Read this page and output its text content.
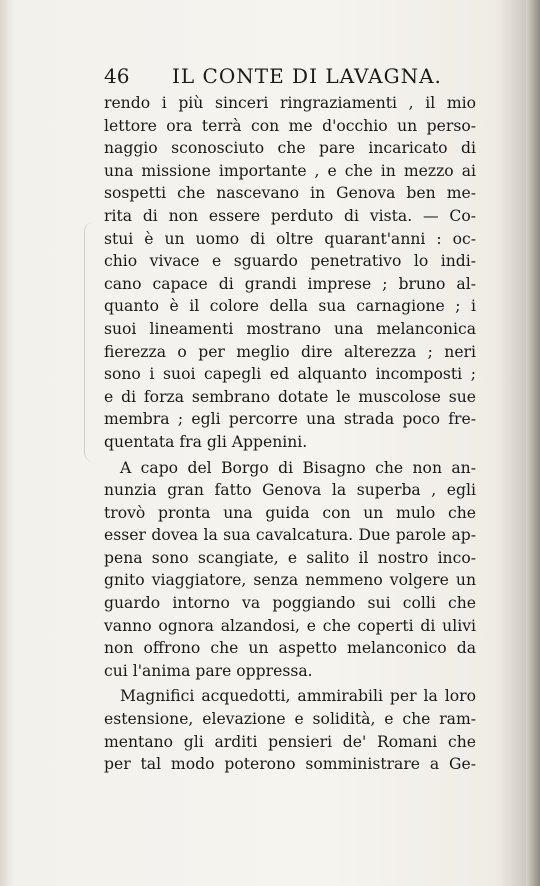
46 IL CONTE DI LAVAGNA.
rendo i più sinceri ringraziamenti , il mio
lettore ora terrà con me d'occhio un perso-
naggio sconosciuto che pare incaricato di
una missione importante , e che in mezzo ai
sospetti che nascevano in Genova ben me-
rita di non essere perduto di vista. — Co-
stui è un uomo di oltre quarant'anni : oc-
chio vivace e sguardo penetrativo lo indi-
cano capace di grandi imprese ; bruno al-
quanto è il colore della sua carnagione ; i
suoi lineamenti mostrano una melanconica
fierezza o per meglio dire alterezza ; neri
sono i suoi capegli ed alquanto incomposti ;
e di forza sembrano dotate le muscolose sue
membra ; egli percorre una strada poco fre-
quentata fra gli Appenini.
A capo del Borgo di Bisagno che non an-
nunzia gran fatto Genova la superba , egli
trovò pronta una guida con un mulo che
esser dovea la sua cavalcatura. Due parole ap-
pena sono scangiate, e salito il nostro inco-
gnito viaggiatore, senza nemmeno volgere un
guardo intorno va poggiando sui colli che
vanno ognora alzandosi, e che coperti di ulivi
non offrono che un aspetto melanconico da
cui l'anima pare oppressa.
Magnifici acquedotti, ammirabili per la loro
estensione, elevazione e solidità, e che ram-
mentano gli arditi pensieri de' Romani che
per tal modo poterono somministrare a Ge-
